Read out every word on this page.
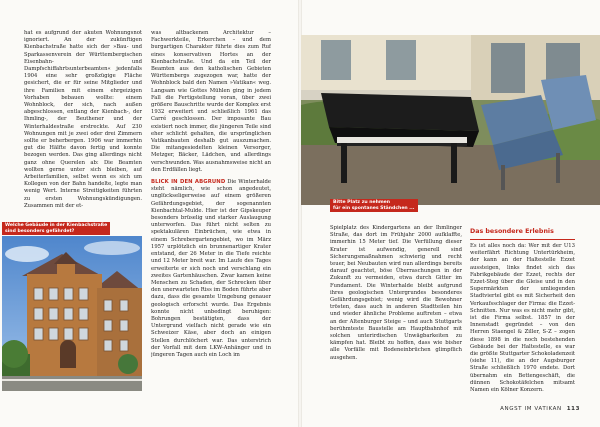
hat es aufgrund der akuten Wohnungsnot ignoriert. An der zukünftigen Kienbachstraße hatte sich der »Bau- und Sparkassenverein der Württembergischen Eisenbahn- und Dampfschiffahrtsunterbeamten« jedenfalls 1904 eine sehr großzügige Fläche gesichert, die er für seine Mitglieder und ihre Familien mit einem ehrgeizigen Vorhaben bebauen wollte: einem Wohnblock, der sich, nach außen abgeschlossen, entlang der Kienbach-, der Ihmling-, der Beuthener und der Winterhaldestraße erstreckte. Auf 230 Wohnungen mit je zwei oder drei Zimmern sollte er beherbergen. 1906 war immerhin gut die Hälfte davon fertig und konnte bezogen werden. Das ging allerdings nicht ganz ohne Querelen ab: Die Beamten wollten gerne unter sich bleiben, auf Arbeiterfamilien, selbst wenn es sich um Kollegen von der Bahn handelte, legte man wenig Wert. Interne Streitigkeiten führten zu ersten Wohnungskündigungen. Zusammen mit der et-

Welche Gebäude in der Kienbachstraße
sind besonders gefährdet?

was altbackenen Architektur – Fachwerkteile, Erkerchen – und dem burgartigen Charakter führte dies zum Ruf eines konservativen Hortes an der Kienbachstraße. Und da ein Teil der Beamten aus den katholischen Gebieten Württembergs zugezogen war, hatte der Wohnblock bald den Namen »Vatikan« weg. Langsam wie Gottes Mühlen ging in jedem Fall die Fertigstellung voran, über zwei größere Bauschritte wurde der Komplex erst 1932 erweitert und schließlich 1961 das Carré geschlossen. Der imposante Bau existiert noch immer, die jüngeren Teile sind eher schlicht gehalten, die ursprünglichen Vatikanbauten deshalb gut auszumachen. Die mitangesiedelten kleinen Versorger, Metzger, Bäcker, Lädchen, und allerdings verschwunden. Was ausnahmsweise nicht an den Erdfällen liegt.

BLICK IN DEN ABGRUND Die Winterhalde steht nämlich, wie schon angedeutet, unglückseligerweise auf einem größeren Gefährdungsgebiet, der sogenannten Kienbachtal-Mulde. Hier ist der Gipskeuper besonders brüselig und starker Auslaugung unterworfen. Das führt nicht selten zu spektakulären Einbrüchen, wie etwa in einem Schrebergartengebiet, wo im März 1957 urplötzlich ein brunnenartiger Krater entstand, der 26 Meter in die Tiefe reichte und 12 Meter breit war. Im Laufe des Tages erweiterte er sich noch und verschlang ein zweites Gartenhäuschen. Zwar kamen keine Menschen zu Schaden, der Schrecken über den unerwarteten Riss im Boden führte aber dazu, dass die gesamte Umgebung genauer geologisch erforscht wurde. Das Ergebnis konnte nicht unbedingt beruhigen: Bohrungen bestätigten, dass der Untergrund vielfach nicht gerade wie ein Schweizer Käse, aber doch an einigen Stellen durchlöchert war. Das unterstrich der Vorfall mit dem LKW-Anhänger und in jüngeren Tagen auch ein Loch im

Bitte Platz zu nehmen
für ein spontanes Ständchen ...

Spielplatz des Kindergartens an der Ihmlinger Straße, das dort im Frühjahr 2000 aufklaffte, immerhin 15 Meter tief. Die Verfüllung dieser Krater ist aufwendig, generell sind Sicherungsmaßnahmen schwierig und recht teuer, bei Neubauten wird nun allerdings bereits darauf geachtet, böse Überraschungen in der Zukunft zu vermeiden, etwa durch Gitter im Fundament. Die Winterhalde bleibt aufgrund ihres geologischen Untergrundes besonderes Gefährdungsgebiet; wenig wird die Bewohner trösten, dass auch in anderen Stadtteilen hin und wieder ähnliche Probleme auftreten – etwa an der Altenburger Steige – und auch Stuttgarts berühmteste Baustelle am Hauptbahnhof mit solchen unterirdischen Unwägbarkeiten zu kämpfen hat. Bleibt zu hoffen, dass wie bisher alle Vorfälle mit Bodeneinbrüchen glimpflich ausgehen.

Das besondere Erlebnis

Es ist alles noch da: Wer mit der U13 weiterfährt Richtung Untertürkheim, der kann an der Haltestelle Ezzet aussteigen, links findet sich das Fabrikgebäude der Ezzet, rechts der Ezzet-Steg über die Gleise und in den Supermärkten der umliegenden Stadtviertel gibt es mit Sicherheit den Verkaufsschlager der Firma: die Ezzet-Schnitten. Nur was es nicht mehr gibt, ist die Firma selbst. 1857 in der Innenstadt gegründet – von den Herren Staengel & Ziller, S-Z – zogen diese 1898 in die noch bestehenden Gebäude bei der Haltestelle, es war die größte Stuttgarter Schokoladenzeit (siehe 11), die an der Augsburger Straße schließlich 1970 endete. Dort übernahm ein Bettengeschäft, die dünnen Schokotäfelchen mitsamt Namen ein Kölner Konzern.

ANGST IM VATIKAN 113
